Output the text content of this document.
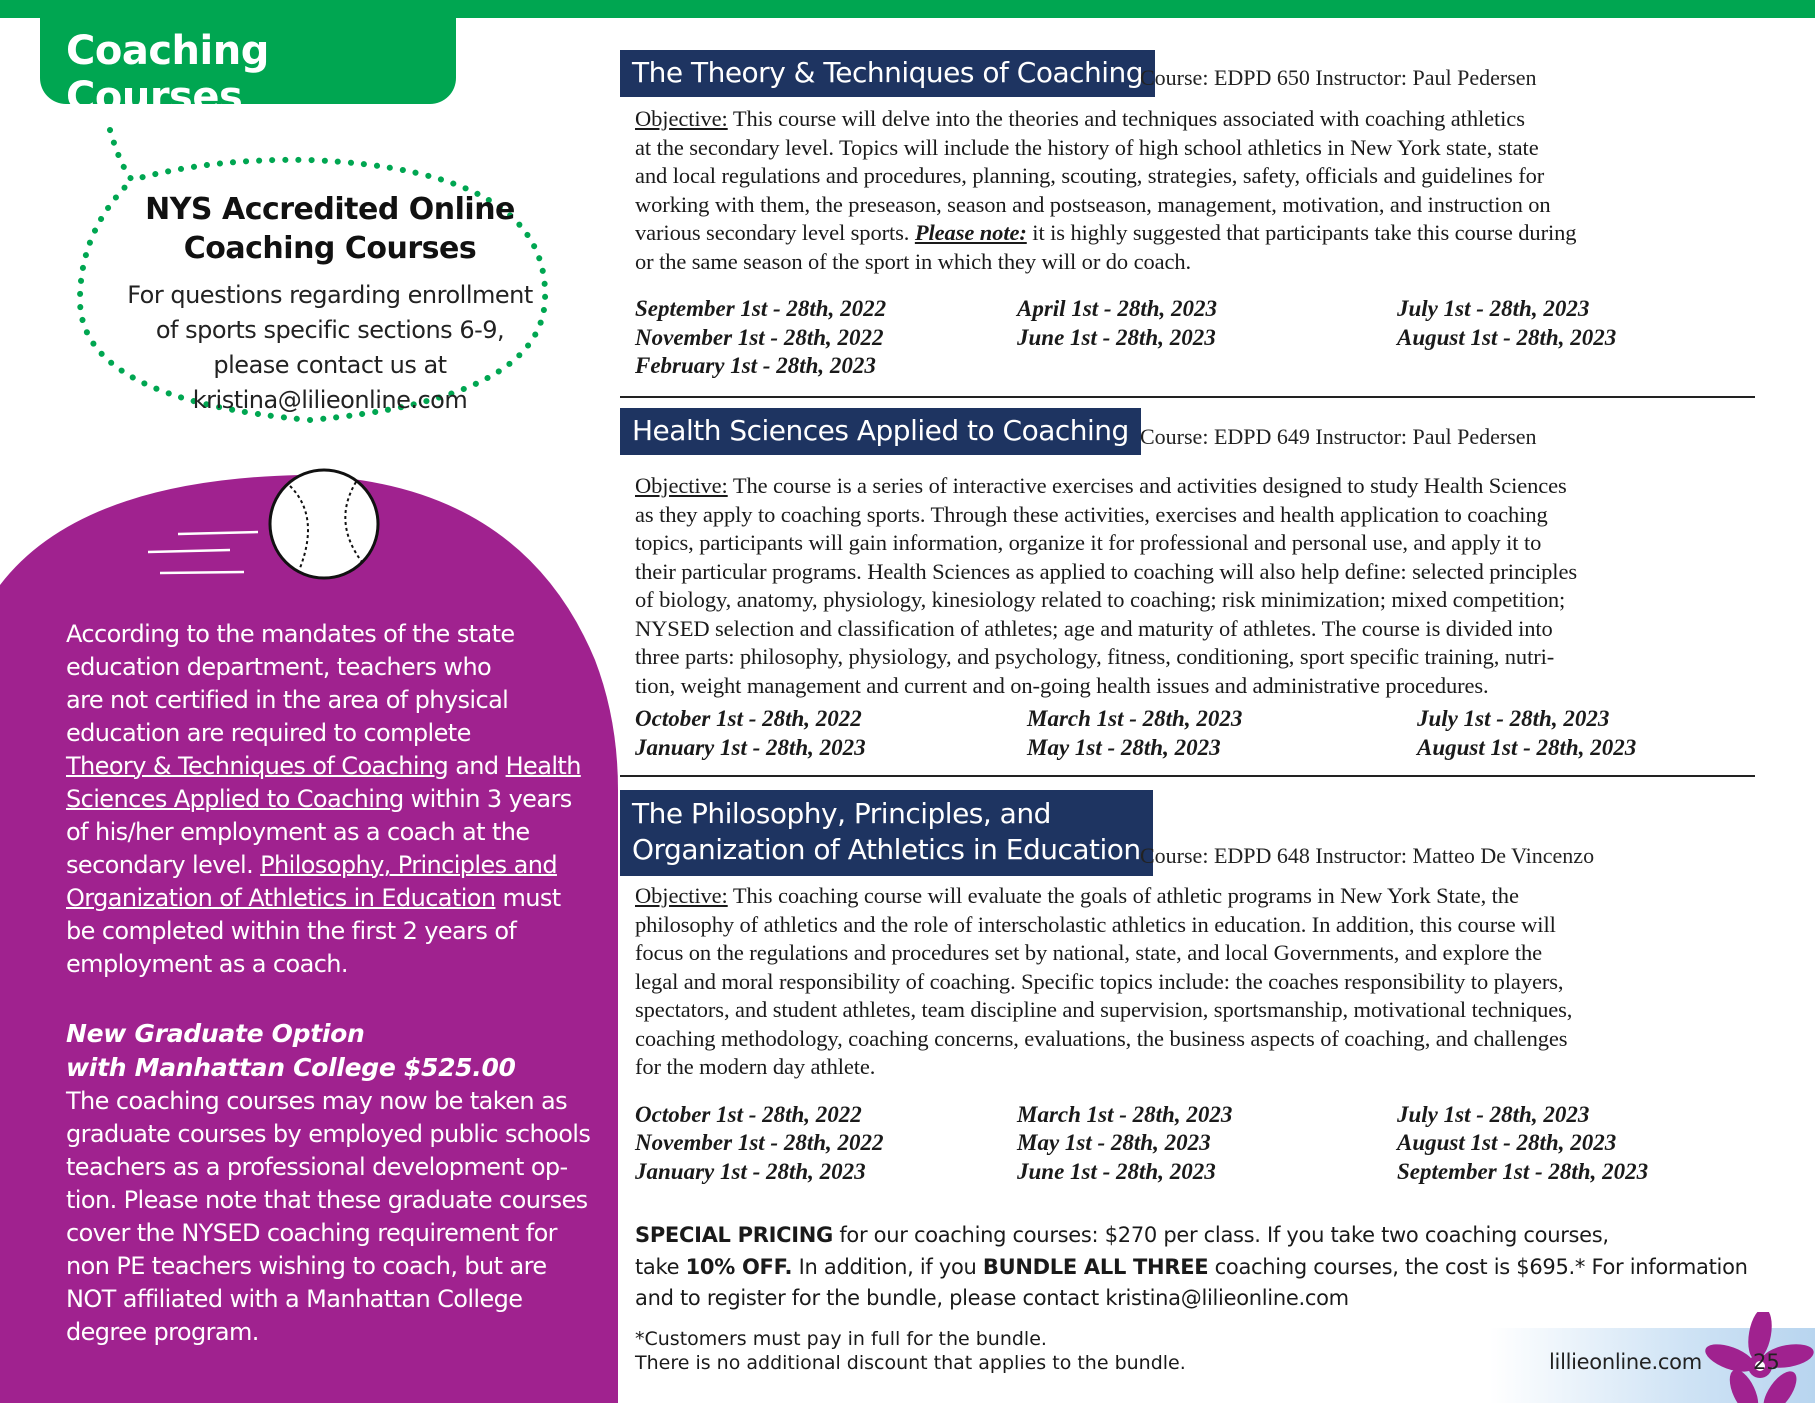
Coaching Courses
NYS Accredited Online
Coaching Courses
For questions regarding enrollment
of sports specific sections 6-9,
please contact us at
kristina@lilieonline.com
According to the mandates of the state
education department, teachers who
are not certified in the area of physical
education are required to complete
Theory & Techniques of Coaching and Health
Sciences Applied to Coaching within 3 years
of his/her employment as a coach at the
secondary level. Philosophy, Principles and
Organization of Athletics in Education must
be completed within the first 2 years of
employment as a coach.
New Graduate Option
with Manhattan College $525.00
The coaching courses may now be taken as
graduate courses by employed public schools
teachers as a professional development op-
tion. Please note that these graduate courses
cover the NYSED coaching requirement for
non PE teachers wishing to coach, but are
NOT affiliated with a Manhattan College
degree program.
The Theory & Techniques of Coaching
Course: EDPD 650 Instructor: Paul Pedersen
Objective: This course will delve into the theories and techniques associated with coaching athletics
at the secondary level. Topics will include the history of high school athletics in New York state, state
and local regulations and procedures, planning, scouting, strategies, safety, officials and guidelines for
working with them, the preseason, season and postseason, management, motivation, and instruction on
various secondary level sports. Please note: it is highly suggested that participants take this course during
or the same season of the sport in which they will or do coach.
September 1st - 28th, 2022
November 1st - 28th, 2022
February 1st - 28th, 2023
April 1st - 28th, 2023
June 1st - 28th, 2023
July 1st - 28th, 2023
August 1st - 28th, 2023
Health Sciences Applied to Coaching Course: EDPD 649 Instructor: Paul Pedersen
Objective: The course is a series of interactive exercises and activities designed to study Health Sciences
as they apply to coaching sports. Through these activities, exercises and health application to coaching
topics, participants will gain information, organize it for professional and personal use, and apply it to
their particular programs. Health Sciences as applied to coaching will also help define: selected principles
of biology, anatomy, physiology, kinesiology related to coaching; risk minimization; mixed competition;
NYSED selection and classification of athletes; age and maturity of athletes. The course is divided into
three parts: philosophy, physiology, and psychology, fitness, conditioning, sport specific training, nutri-
tion, weight management and current and on-going health issues and administrative procedures.
October 1st - 28th, 2022
January 1st - 28th, 2023
March 1st - 28th, 2023
May 1st - 28th, 2023
July 1st - 28th, 2023
August 1st - 28th, 2023
The Philosophy, Principles, and
Organization of Athletics in Education Course: EDPD 648 Instructor: Matteo De Vincenzo
Objective: This coaching course will evaluate the goals of athletic programs in New York State, the
philosophy of athletics and the role of interscholastic athletics in education. In addition, this course will
focus on the regulations and procedures set by national, state, and local Governments, and explore the
legal and moral responsibility of coaching. Specific topics include: the coaches responsibility to players,
spectators, and student athletes, team discipline and supervision, sportsmanship, motivational techniques,
coaching methodology, coaching concerns, evaluations, the business aspects of coaching, and challenges
for the modern day athlete.
October 1st - 28th, 2022
November 1st - 28th, 2022
January 1st - 28th, 2023
March 1st - 28th, 2023
May 1st - 28th, 2023
June 1st - 28th, 2023
July 1st - 28th, 2023
August 1st - 28th, 2023
September 1st - 28th, 2023
SPECIAL PRICING for our coaching courses: $270 per class. If you take two coaching courses,
take 10% OFF. In addition, if you BUNDLE ALL THREE coaching courses, the cost is $695.* For information
and to register for the bundle, please contact kristina@lilieonline.com
*Customers must pay in full for the bundle.
There is no additional discount that applies to the bundle.	lillieonline.com 25
